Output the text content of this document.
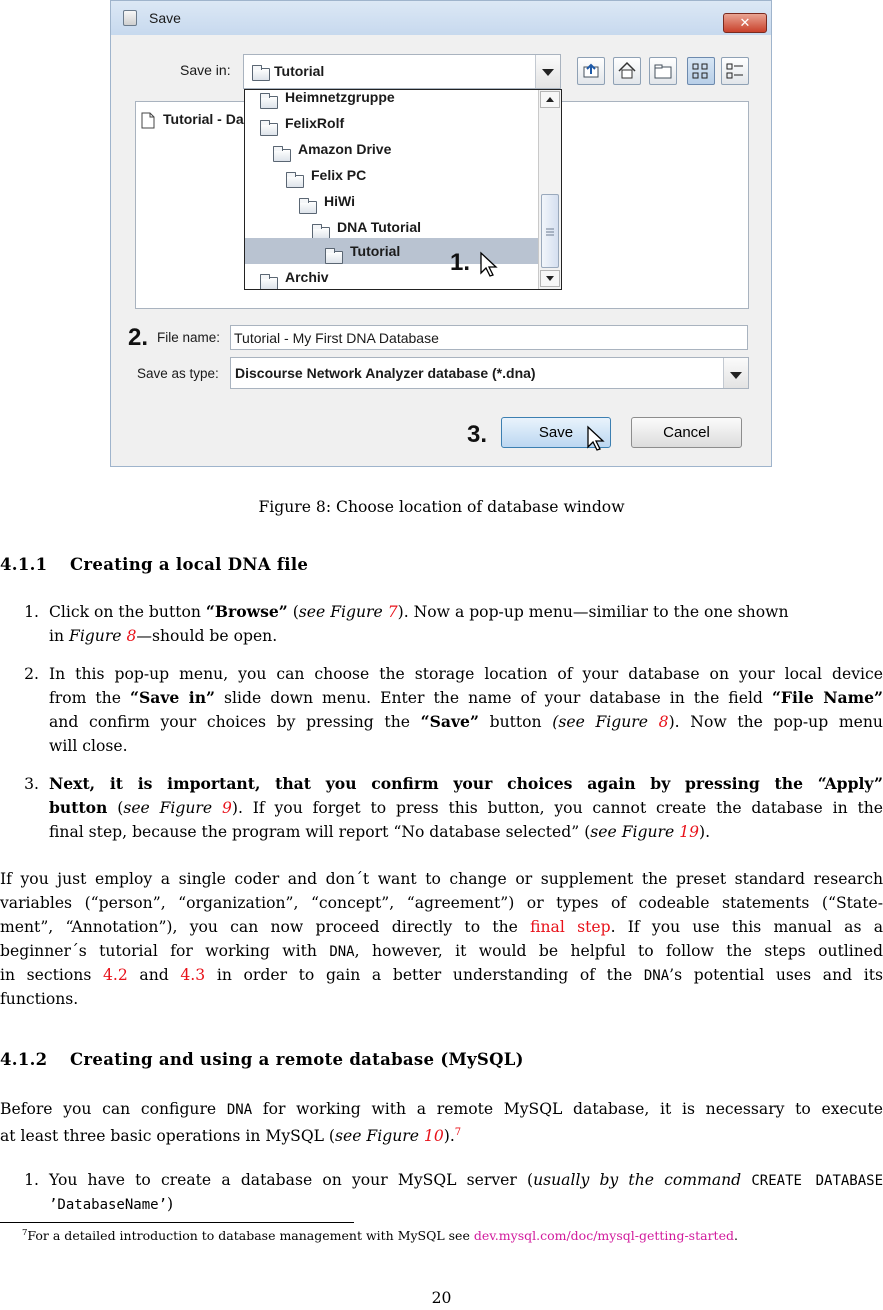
Save	✕
Save in:	Tutorial
Tutorial - Da
Heimnetzgruppe
FelixRolf
Amazon Drive
Felix PC
HiWi
DNA Tutorial
Tutorial
Archiv
1.
2. File name: Tutorial - My First DNA Database
Save as type: Discourse Network Analyzer database (*.dna)
3.	Save	Cancel
Figure 8: Choose location of database window
4.1.1 Creating a local DNA file
1. Click on the button “Browse” (see Figure 7). Now a pop-up menu—similiar to the one shown
in Figure 8—should be open.
2. In this pop-up menu, you can choose the storage location of your database on your local device
from the “Save in” slide down menu. Enter the name of your database in the field “File Name”
and confirm your choices by pressing the “Save” button (see Figure 8). Now the pop-up menu
will close.
3. Next,  it  is  important,  that  you  confirm  your  choices  again  by  pressing  the  “Apply”
button (see Figure 9). If you forget to press this button, you cannot create the database in the
final step, because the program will report “No database selected” (see Figure 19).
If you just employ a single coder and don´t want to change or supplement the preset standard research
variables (“person”, “organization”, “concept”, “agreement”) or types of codeable statements (“State-
ment”, “Annotation”), you can now proceed directly to the final step. If you use this manual as a
beginner´s tutorial for working with DNA, however, it would be helpful to follow the steps outlined
in sections 4.2 and 4.3 in order to gain a better understanding of the DNA’s potential uses and its
functions.
4.1.2 Creating and using a remote database (MySQL)
Before you can configure DNA for working with a remote MySQL database, it is necessary to execute
at least three basic operations in MySQL (see Figure 10).$^7$
1. You have to create a database on your MySQL server (usually by the command CREATE DATABASE
’DatabaseName’)
$^7$For a detailed introduction to database management with MySQL see dev.mysql.com/doc/mysql-getting-started.
20
